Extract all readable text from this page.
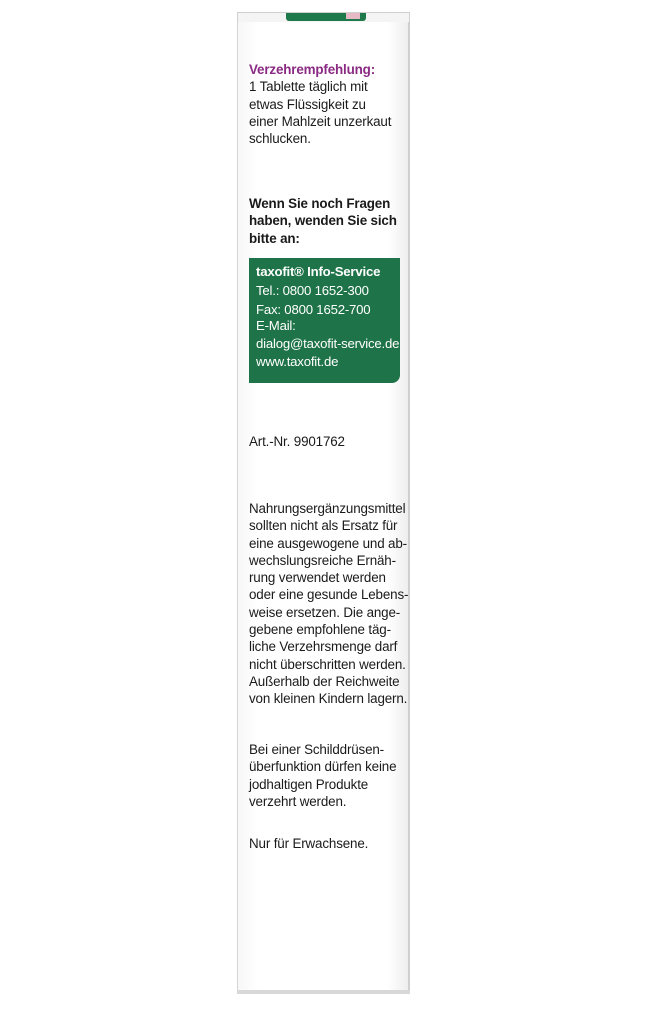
Verzehrempfehlung:
1 Tablette täglich mit
etwas Flüssigkeit zu
einer Mahlzeit unzerkaut
schlucken.
Wenn Sie noch Fragen
haben, wenden Sie sich
bitte an:
taxofit® Info-Service
Tel.: 0800 1652-300
Fax: 0800 1652-700
E-Mail:
dialog@taxofit-service.de
www.taxofit.de
Art.-Nr. 9901762
Nahrungsergänzungsmittel
sollten nicht als Ersatz für
eine ausgewogene und ab-
wechslungsreiche Ernäh-
rung verwendet werden
oder eine gesunde Lebens-
weise ersetzen. Die ange-
gebene empfohlene täg-
liche Verzehrsmenge darf
nicht überschritten werden.
Außerhalb der Reichweite
von kleinen Kindern lagern.
Bei einer Schilddrüsen-
überfunktion dürfen keine
jodhaltigen Produkte
verzehrt werden.
Nur für Erwachsene.
